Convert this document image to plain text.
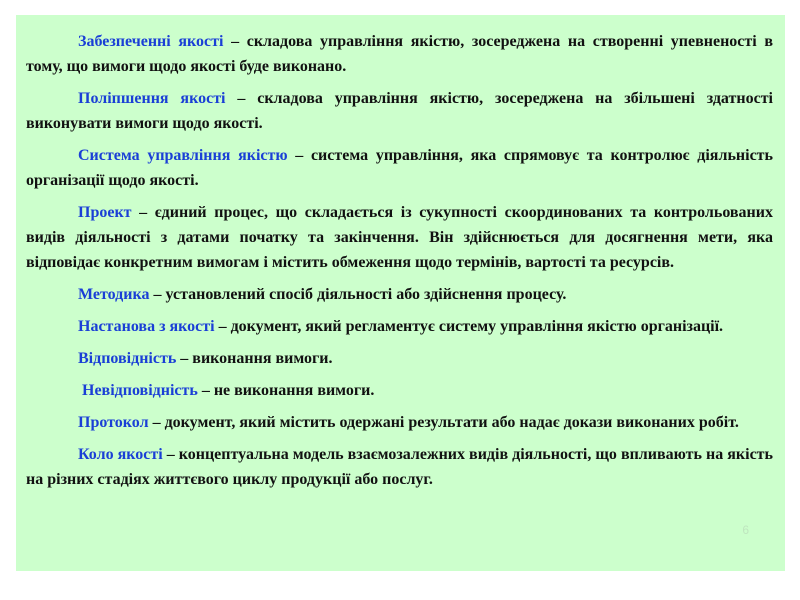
Забезпеченні якості – складова управління якістю, зосереджена на створенні упевненості в тому, що вимоги щодо якості буде виконано.

Поліпшення якості – складова управління якістю, зосереджена на збільшені здатності виконувати вимоги щодо якості.

Система управління якістю – система управління, яка спрямовує та контролює діяльність організації щодо якості.

Проект – єдиний процес, що складається із сукупності скоординованих та контрольованих видів діяльності з датами початку та закінчення. Він здійснюється для досягнення мети, яка відповідає конкретним вимогам і містить обмеження щодо термінів, вартості та ресурсів.

Методика – установлений спосіб діяльності або здійснення процесу.

Настанова з якості – документ, який регламентує систему управління якістю організації.

Відповідність – виконання вимоги.

Невідповідність – не виконання вимоги.

Протокол – документ, який містить одержані результати або надає докази виконаних робіт.

Коло якості – концептуальна модель взаємозалежних видів діяльності, що впливають на якість на різних стадіях життєвого циклу продукції або послуг.

6
